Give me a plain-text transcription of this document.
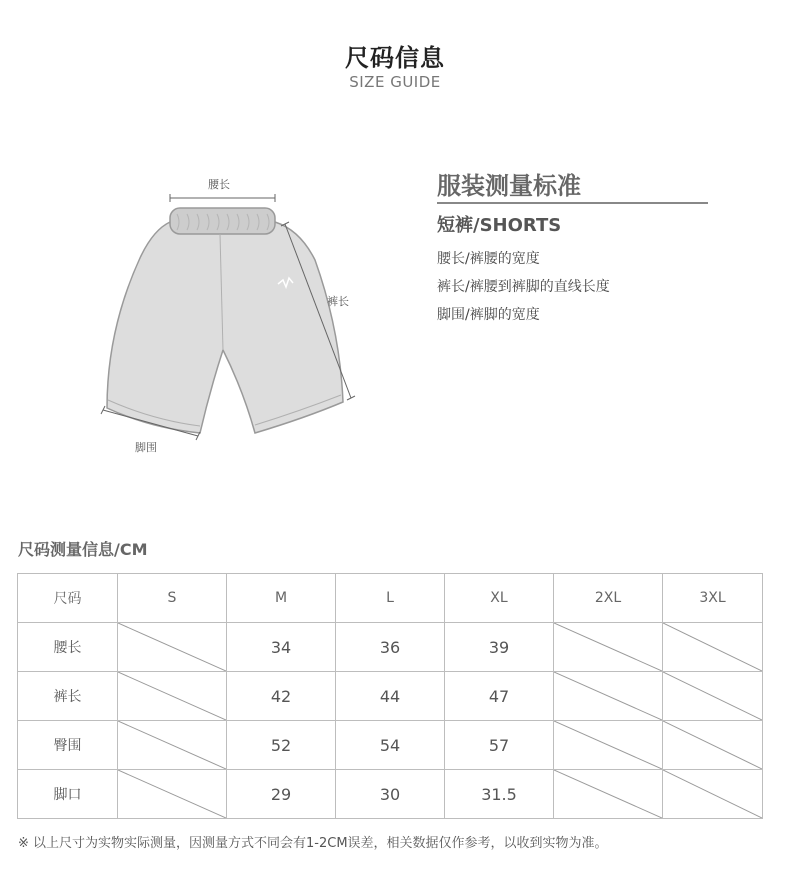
尺码信息
SIZE GUIDE
腰长
裤长
脚围
服装测量标准
短裤/SHORTS
腰长/裤腰的宽度
裤长/裤腰到裤脚的直线长度
脚围/裤脚的宽度
尺码测量信息/CM
尺码	S	M	L	XL	2XL	3XL
腰长		34	36	39	

裤长		42	44	47	

臀围		52	54	57	

脚口		29	30	31.5	

※ 以上尺寸为实物实际测量，因测量方式不同会有1-2CM误差，相关数据仅作参考，以收到实物为准。
